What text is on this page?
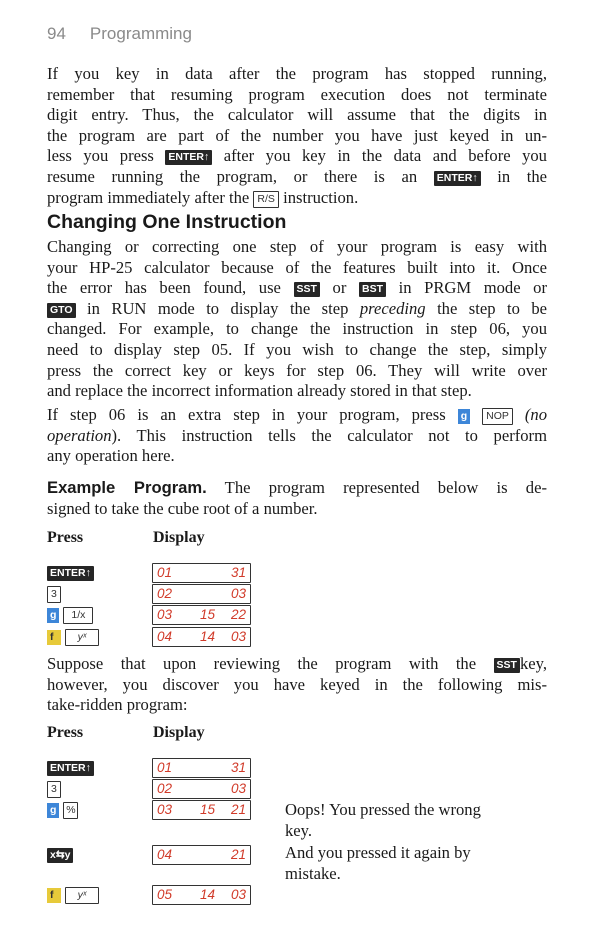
94 Programming
If you key in data after the program has stopped running,
remember that resuming program execution does not terminate
digit entry. Thus, the calculator will assume that the digits in
the program are part of the number you have just keyed in un-
less you press ENTER↑ after you key in the data and before you
resume running the program, or there is an ENTER↑ in the
program immediately after the R/S instruction.
Changing One Instruction
Changing or correcting one step of your program is easy with
your HP-25 calculator because of the features built into it. Once
the error has been found, use SST or BST in PRGM mode or
GTO in RUN mode to display the step preceding the step to be
changed. For example, to change the instruction in step 06, you
need to display step 05. If you wish to change the step, simply
press the correct key or keys for step 06. They will write over
and replace the incorrect information already stored in that step.
If step 06 is an extra step in your program, press g NOP (no
operation). This instruction tells the calculator not to perform
any operation here.
Example Program. The program represented below is de-
signed to take the cube root of a number.
Press	Display
ENTER↑	01	31
3	02	03
g 1/x	03 15 22
f yˣ	04 14 03
Suppose that upon reviewing the program with the SST key,
however, you discover you have keyed in the following mis-
take-ridden program:
Press	Display
ENTER↑	01	31
3	02	03
g %	03 15 21 Oops! You pressed the wrong
key.
x⇆y	04	21 And you pressed it again by
mistake.
f yˣ	05 14 03
